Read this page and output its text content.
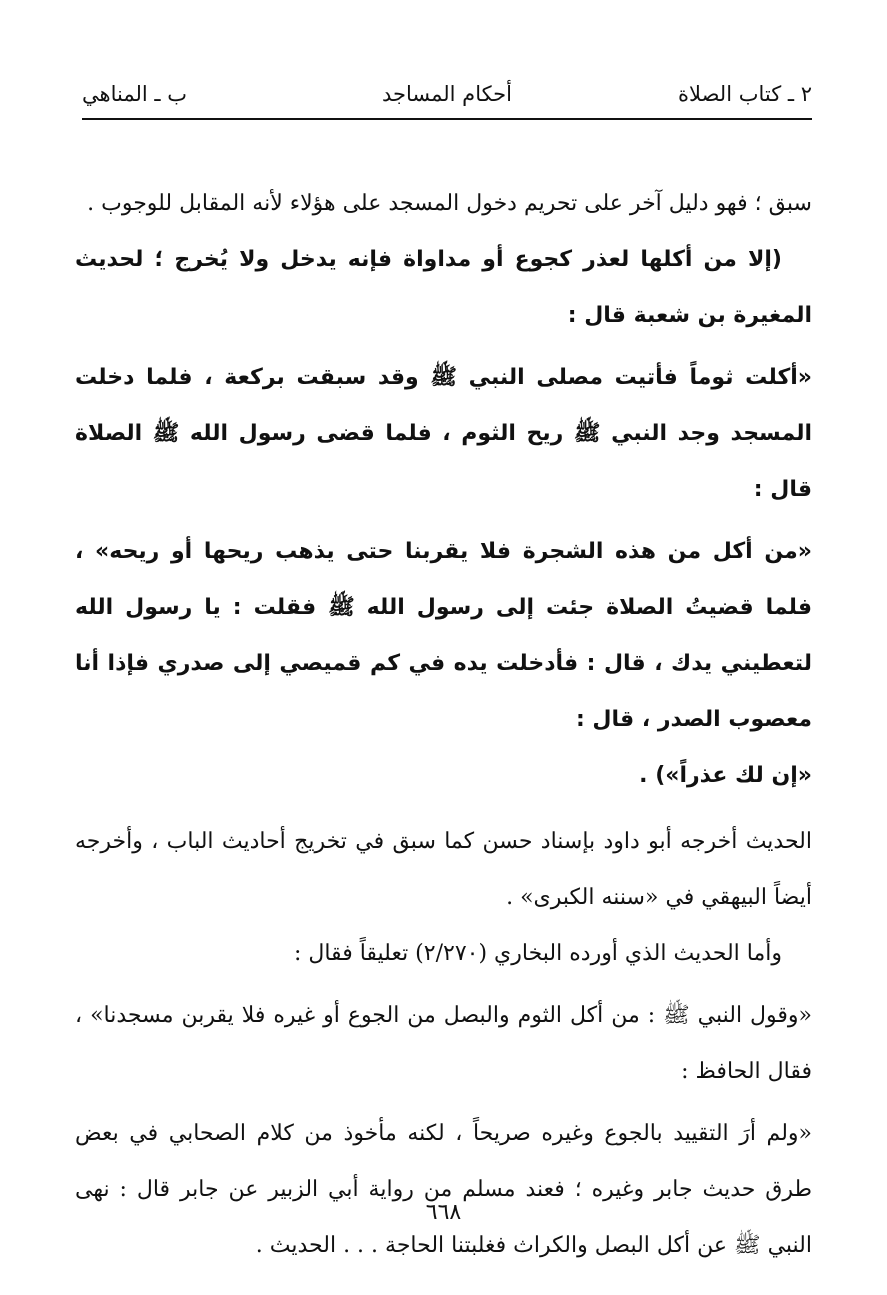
٢ ـ كتاب الصلاة
أحكام المساجد
ب ـ المناهي

سبق ؛ فهو دليل آخر على تحريم دخول المسجد على هؤلاء لأنه المقابل للوجوب .

(إلا من أكلها لعذر كجوع أو مداواة فإنه يدخل ولا يُخرج ؛ لحديث المغيرة بن شعبة قال :

«أكلت ثوماً فأتيت مصلى النبي ﷺ وقد سبقت بركعة ، فلما دخلت المسجد وجد النبي ﷺ ريح الثوم ، فلما قضى رسول الله ﷺ الصلاة قال :

«من أكل من هذه الشجرة فلا يقربنا حتى يذهب ريحها أو ريحه» ، فلما قضيتُ الصلاة جئت إلى رسول الله ﷺ فقلت : يا رسول الله لتعطيني يدك ، قال : فأدخلت يده في كم قميصي إلى صدري فإذا أنا معصوب الصدر ، قال :

«إن لك عذراً») .

الحديث أخرجه أبو داود بإسناد حسن كما سبق في تخريج أحاديث الباب ، وأخرجه أيضاً البيهقي في «سننه الكبرى» .

وأما الحديث الذي أورده البخاري (٢/٢٧٠) تعليقاً فقال :

«وقول النبي ﷺ : من أكل الثوم والبصل من الجوع أو غيره فلا يقربن مسجدنا» ، فقال الحافظ :

«ولم أرَ التقييد بالجوع وغيره صريحاً ، لكنه مأخوذ من كلام الصحابي في بعض طرق حديث جابر وغيره ؛ فعند مسلم من رواية أبي الزبير عن جابر قال : نهى النبي ﷺ عن أكل البصل والكراث فغلبتنا الحاجة . . . الحديث .

٦٦٨
